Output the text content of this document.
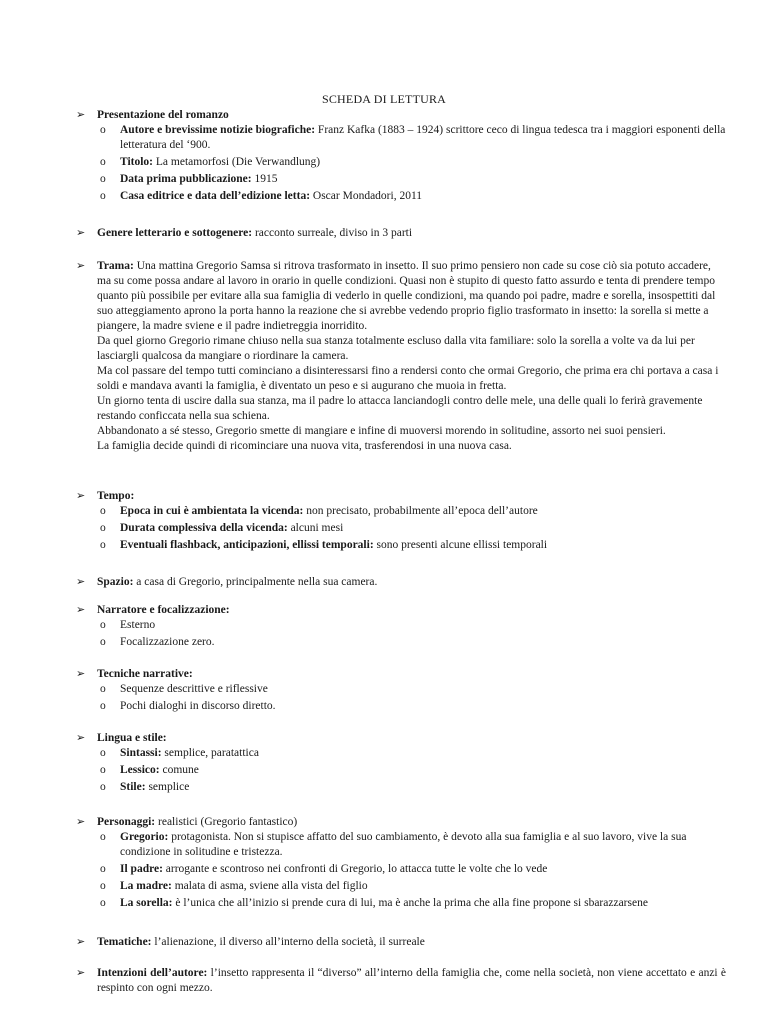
SCHEDA DI LETTURA
➢	Presentazione del romanzo
o Autore e brevissime notizie biografiche: Franz Kafka (1883 – 1924) scrittore ceco di lingua tedesca tra i maggiori esponenti della letteratura del ‘900.
o Titolo: La metamorfosi (Die Verwandlung)
o Data prima pubblicazione: 1915
o Casa editrice e data dell’edizione letta: Oscar Mondadori, 2011
➢	Genere letterario e sottogenere: racconto surreale, diviso in 3 parti
➢	Trama: Una mattina Gregorio Samsa si ritrova trasformato in insetto. Il suo primo pensiero non cade su cose ciò sia potuto accadere, ma su come possa andare al lavoro in orario in quelle condizioni. Quasi non è stupito di questo fatto assurdo e tenta di prendere tempo quanto più possibile per evitare alla sua famiglia di vederlo in quelle condizioni, ma quando poi padre, madre e sorella, insospettiti dal suo atteggiamento aprono la porta hanno la reazione che si avrebbe vedendo proprio figlio trasformato in insetto: la sorella si mette a piangere, la madre sviene e il padre indietreggia inorridito.
Da quel giorno Gregorio rimane chiuso nella sua stanza totalmente escluso dalla vita familiare: solo la sorella a volte va da lui per lasciargli qualcosa da mangiare o riordinare la camera.
Ma col passare del tempo tutti cominciano a disinteressarsi fino a rendersi conto che ormai Gregorio, che prima era chi portava a casa i soldi e mandava avanti la famiglia, è diventato un peso e si augurano che muoia in fretta.
Un giorno tenta di uscire dalla sua stanza, ma il padre lo attacca lanciandogli contro delle mele, una delle quali lo ferirà gravemente restando conficcata nella sua schiena.
Abbandonato a sé stesso, Gregorio smette di mangiare e infine di muoversi morendo in solitudine, assorto nei suoi pensieri.
La famiglia decide quindi di ricominciare una nuova vita, trasferendosi in una nuova casa.
➢	Tempo:
o Epoca in cui è ambientata la vicenda: non precisato, probabilmente all’epoca dell’autore
o Durata complessiva della vicenda: alcuni mesi
o Eventuali flashback, anticipazioni, ellissi temporali: sono presenti alcune ellissi temporali
➢	Spazio: a casa di Gregorio, principalmente nella sua camera.
➢	Narratore e focalizzazione:
o Esterno
o Focalizzazione zero.
➢	Tecniche narrative:
o Sequenze descrittive e riflessive
o Pochi dialoghi in discorso diretto.
➢	Lingua e stile:
o Sintassi: semplice, paratattica
o Lessico: comune
o Stile: semplice
➢	Personaggi: realistici (Gregorio fantastico)
o Gregorio: protagonista. Non si stupisce affatto del suo cambiamento, è devoto alla sua famiglia e al suo lavoro, vive la sua condizione in solitudine e tristezza.
o Il padre: arrogante e scontroso nei confronti di Gregorio, lo attacca tutte le volte che lo vede
o La madre: malata di asma, sviene alla vista del figlio
o La sorella: è l’unica che all’inizio si prende cura di lui, ma è anche la prima che alla fine propone si sbarazzarsene
➢	Tematiche: l’alienazione, il diverso all’interno della società, il surreale
➢	Intenzioni dell’autore: l’insetto rappresenta il “diverso” all’interno della famiglia che, come nella società, non viene accettato e anzi è respinto con ogni mezzo.
